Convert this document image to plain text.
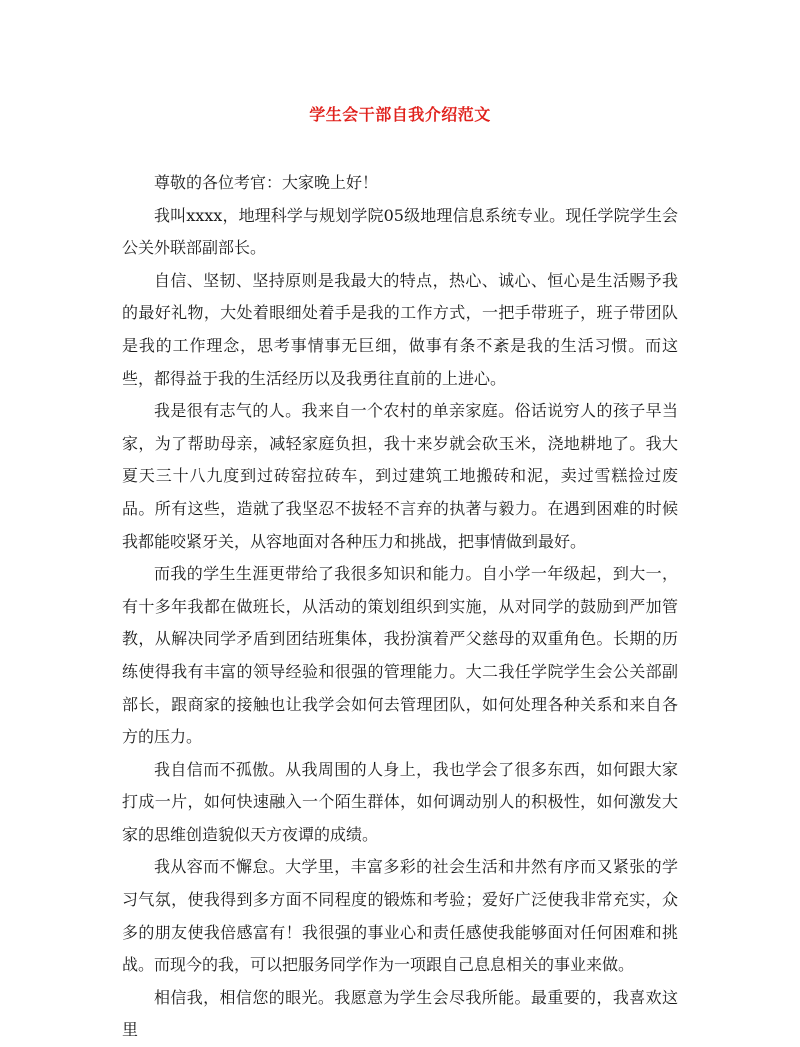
学生会干部自我介绍范文

尊敬的各位考官：大家晚上好！

我叫xxxx，地理科学与规划学院05级地理信息系统专业。现任学院学生会公关外联部副部长。

自信、坚韧、坚持原则是我最大的特点，热心、诚心、恒心是生活赐予我的最好礼物，大处着眼细处着手是我的工作方式，一把手带班子，班子带团队是我的工作理念，思考事情事无巨细，做事有条不紊是我的生活习惯。而这些，都得益于我的生活经历以及我勇往直前的上进心。

我是很有志气的人。我来自一个农村的单亲家庭。俗话说穷人的孩子早当家，为了帮助母亲，减轻家庭负担，我十来岁就会砍玉米，浇地耕地了。我大夏天三十八九度到过砖窑拉砖车，到过建筑工地搬砖和泥，卖过雪糕捡过废品。所有这些，造就了我坚忍不拔轻不言弃的执著与毅力。在遇到困难的时候我都能咬紧牙关，从容地面对各种压力和挑战，把事情做到最好。

而我的学生生涯更带给了我很多知识和能力。自小学一年级起，到大一，有十多年我都在做班长，从活动的策划组织到实施，从对同学的鼓励到严加管教，从解决同学矛盾到团结班集体，我扮演着严父慈母的双重角色。长期的历练使得我有丰富的领导经验和很强的管理能力。大二我任学院学生会公关部副部长，跟商家的接触也让我学会如何去管理团队，如何处理各种关系和来自各方的压力。

我自信而不孤傲。从我周围的人身上，我也学会了很多东西，如何跟大家打成一片，如何快速融入一个陌生群体，如何调动别人的积极性，如何激发大家的思维创造貌似天方夜谭的成绩。

我从容而不懈怠。大学里，丰富多彩的社会生活和井然有序而又紧张的学习气氛，使我得到多方面不同程度的锻炼和考验；爱好广泛使我非常充实，众多的朋友使我倍感富有！我很强的事业心和责任感使我能够面对任何困难和挑战。而现今的我，可以把服务同学作为一项跟自己息息相关的事业来做。

相信我，相信您的眼光。我愿意为学生会尽我所能。最重要的，我喜欢这里
